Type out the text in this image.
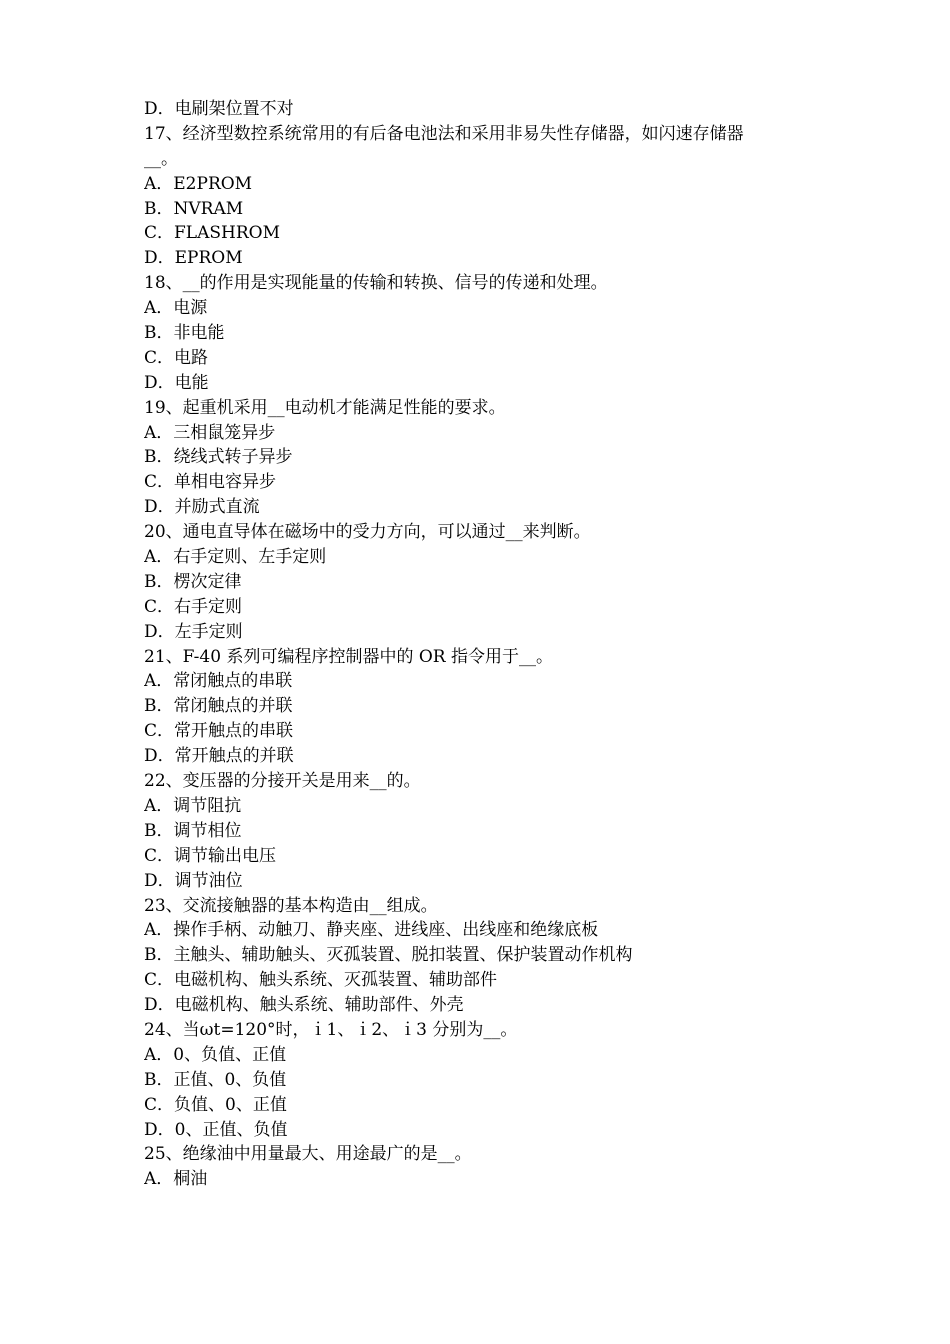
D．电刷架位置不对
17、经济型数控系统常用的有后备电池法和采用非易失性存储器，如闪速存储器
__。
A．E2PROM
B．NVRAM
C．FLASHROM
D．EPROM
18、__的作用是实现能量的传输和转换、信号的传递和处理。
A．电源
B．非电能
C．电路
D．电能
19、起重机采用__电动机才能满足性能的要求。
A．三相鼠笼异步
B．绕线式转子异步
C．单相电容异步
D．并励式直流
20、通电直导体在磁场中的受力方向，可以通过__来判断。
A．右手定则、左手定则
B．楞次定律
C．右手定则
D．左手定则
21、F-40 系列可编程序控制器中的 OR 指令用于__。
A．常闭触点的串联
B．常闭触点的并联
C．常开触点的串联
D．常开触点的并联
22、变压器的分接开关是用来__的。
A．调节阻抗
B．调节相位
C．调节输出电压
D．调节油位
23、交流接触器的基本构造由__组成。
A．操作手柄、动触刀、静夹座、进线座、出线座和绝缘底板
B．主触头、辅助触头、灭孤装置、脱扣装置、保护装置动作机构
C．电磁机构、触头系统、灭孤装置、辅助部件
D．电磁机构、触头系统、辅助部件、外壳
24、当ωt=120°时，ｉ1、ｉ2、ｉ3 分别为__。
A．0、负值、正值
B．正值、0、负值
C．负值、0、正值
D．0、正值、负值
25、绝缘油中用量最大、用途最广的是__。
A．桐油
